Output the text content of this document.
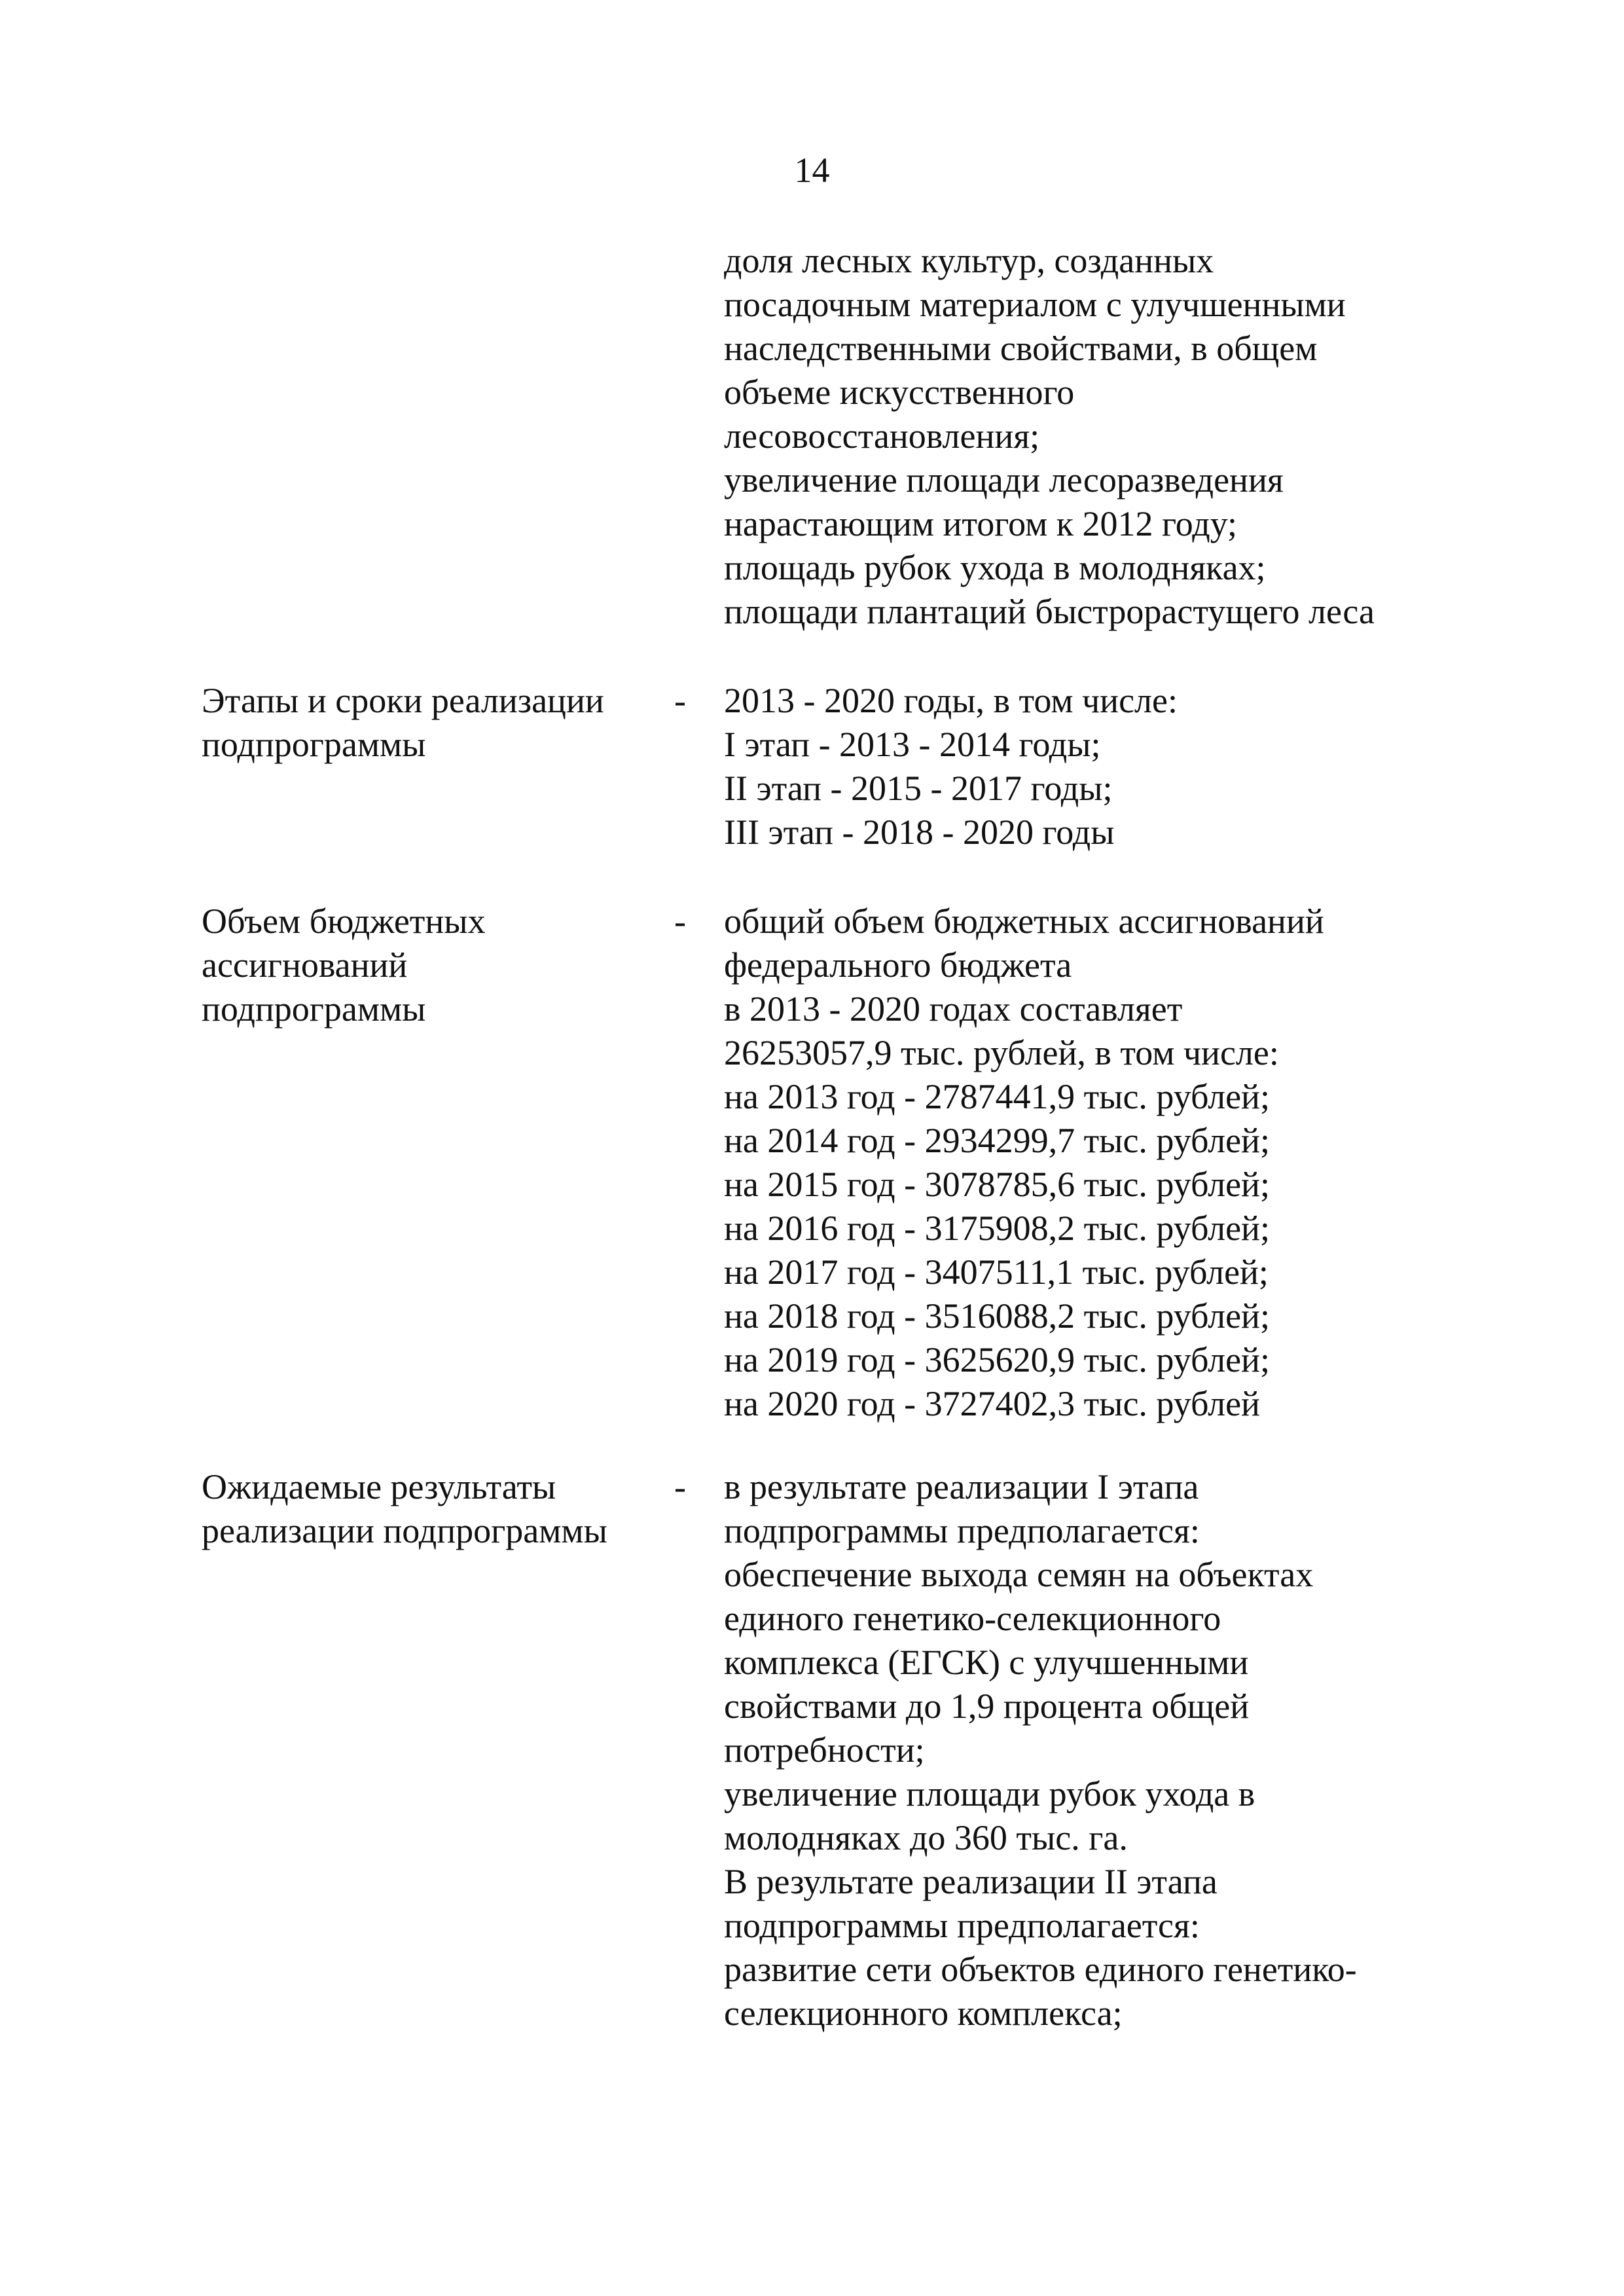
14
доля лесных культур, созданных
посадочным материалом с улучшенными
наследственными свойствами, в общем
объеме искусственного
лесовосстановления;
увеличение площади лесоразведения
нарастающим итогом к 2012 году;
площадь рубок ухода в молодняках;
площади плантаций быстрорастущего леса
Этапы и сроки реализации
подпрограммы
- 2013 - 2020 годы, в том числе:
I этап - 2013 - 2014 годы;
II этап - 2015 - 2017 годы;
III этап - 2018 - 2020 годы
Объем бюджетных
ассигнований
подпрограммы
- общий объем бюджетных ассигнований
федерального бюджета
в 2013 - 2020 годах составляет
26253057,9 тыс. рублей, в том числе:
на 2013 год - 2787441,9 тыс. рублей;
на 2014 год - 2934299,7 тыс. рублей;
на 2015 год - 3078785,6 тыс. рублей;
на 2016 год - 3175908,2 тыс. рублей;
на 2017 год - 3407511,1 тыс. рублей;
на 2018 год - 3516088,2 тыс. рублей;
на 2019 год - 3625620,9 тыс. рублей;
на 2020 год - 3727402,3 тыс. рублей
Ожидаемые результаты
реализации подпрограммы
- в результате реализации I этапа
подпрограммы предполагается:
обеспечение выхода семян на объектах
единого генетико-селекционного
комплекса (ЕГСК) с улучшенными
свойствами до 1,9 процента общей
потребности;
увеличение площади рубок ухода в
молодняках до 360 тыс. га.
В результате реализации II этапа
подпрограммы предполагается:
развитие сети объектов единого генетико-
селекционного комплекса;
